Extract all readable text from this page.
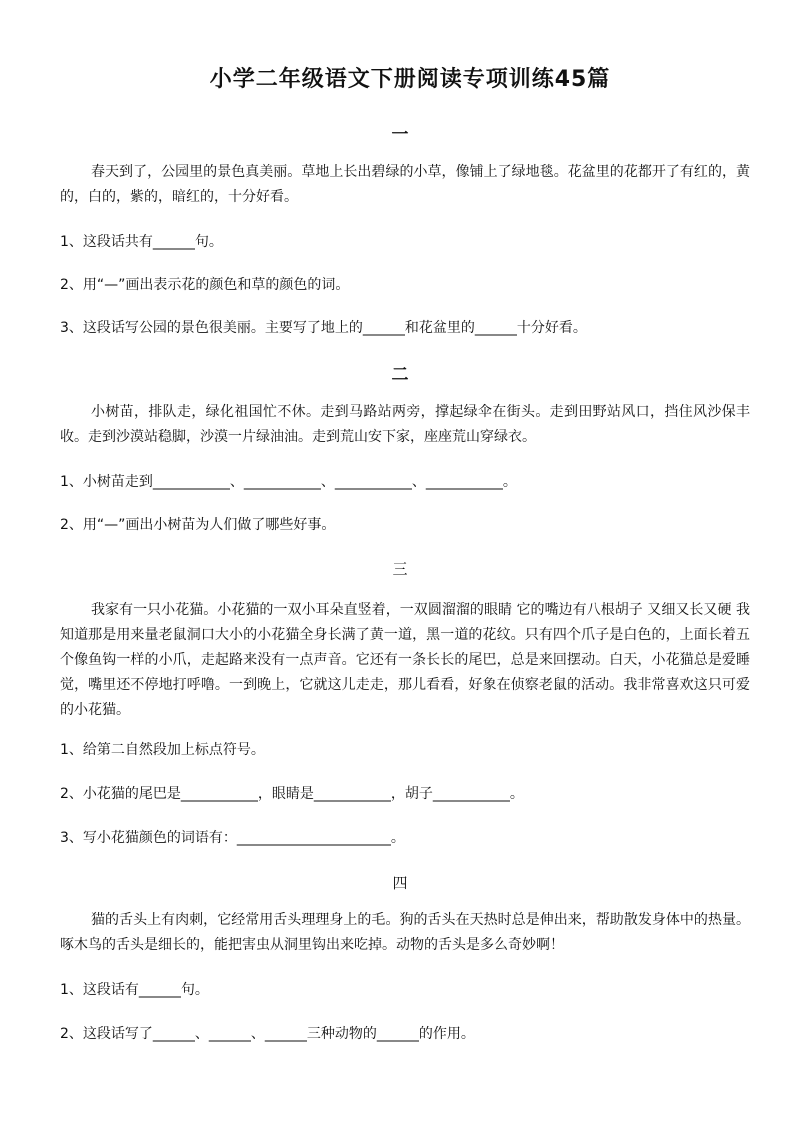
小学二年级语文下册阅读专项训练45篇
一
春天到了，公园里的景色真美丽。草地上长出碧绿的小草，像铺上了绿地毯。花盆里的花都开了有红的，黄的，白的，紫的，暗红的，十分好看。
1、这段话共有______句。
2、用“—”画出表示花的颜色和草的颜色的词。
3、这段话写公园的景色很美丽。主要写了地上的______和花盆里的______十分好看。
二
小树苗，排队走，绿化祖国忙不休。走到马路站两旁，撑起绿伞在街头。走到田野站风口，挡住风沙保丰收。走到沙漠站稳脚，沙漠一片绿油油。走到荒山安下家，座座荒山穿绿衣。
1、小树苗走到___________、___________、___________、___________。
2、用“—”画出小树苗为人们做了哪些好事。
三
我家有一只小花猫。小花猫的一双小耳朵直竖着，一双圆溜溜的眼睛 它的嘴边有八根胡子 又细又长又硬 我知道那是用来量老鼠洞口大小的小花猫全身长满了黄一道，黑一道的花纹。只有四个爪子是白色的，上面长着五个像鱼钩一样的小爪，走起路来没有一点声音。它还有一条长长的尾巴，总是来回摆动。白天，小花猫总是爱睡觉，嘴里还不停地打呼噜。一到晚上，它就这儿走走，那儿看看，好象在侦察老鼠的活动。我非常喜欢这只可爱的小花猫。
1、给第二自然段加上标点符号。
2、小花猫的尾巴是___________，眼睛是___________，胡子___________。
3、写小花猫颜色的词语有：______________________。
四
猫的舌头上有肉刺，它经常用舌头理理身上的毛。狗的舌头在天热时总是伸出来，帮助散发身体中的热量。啄木鸟的舌头是细长的，能把害虫从洞里钩出来吃掉。动物的舌头是多么奇妙啊！
1、这段话有______句。
2、这段话写了______、______、______三种动物的______的作用。
